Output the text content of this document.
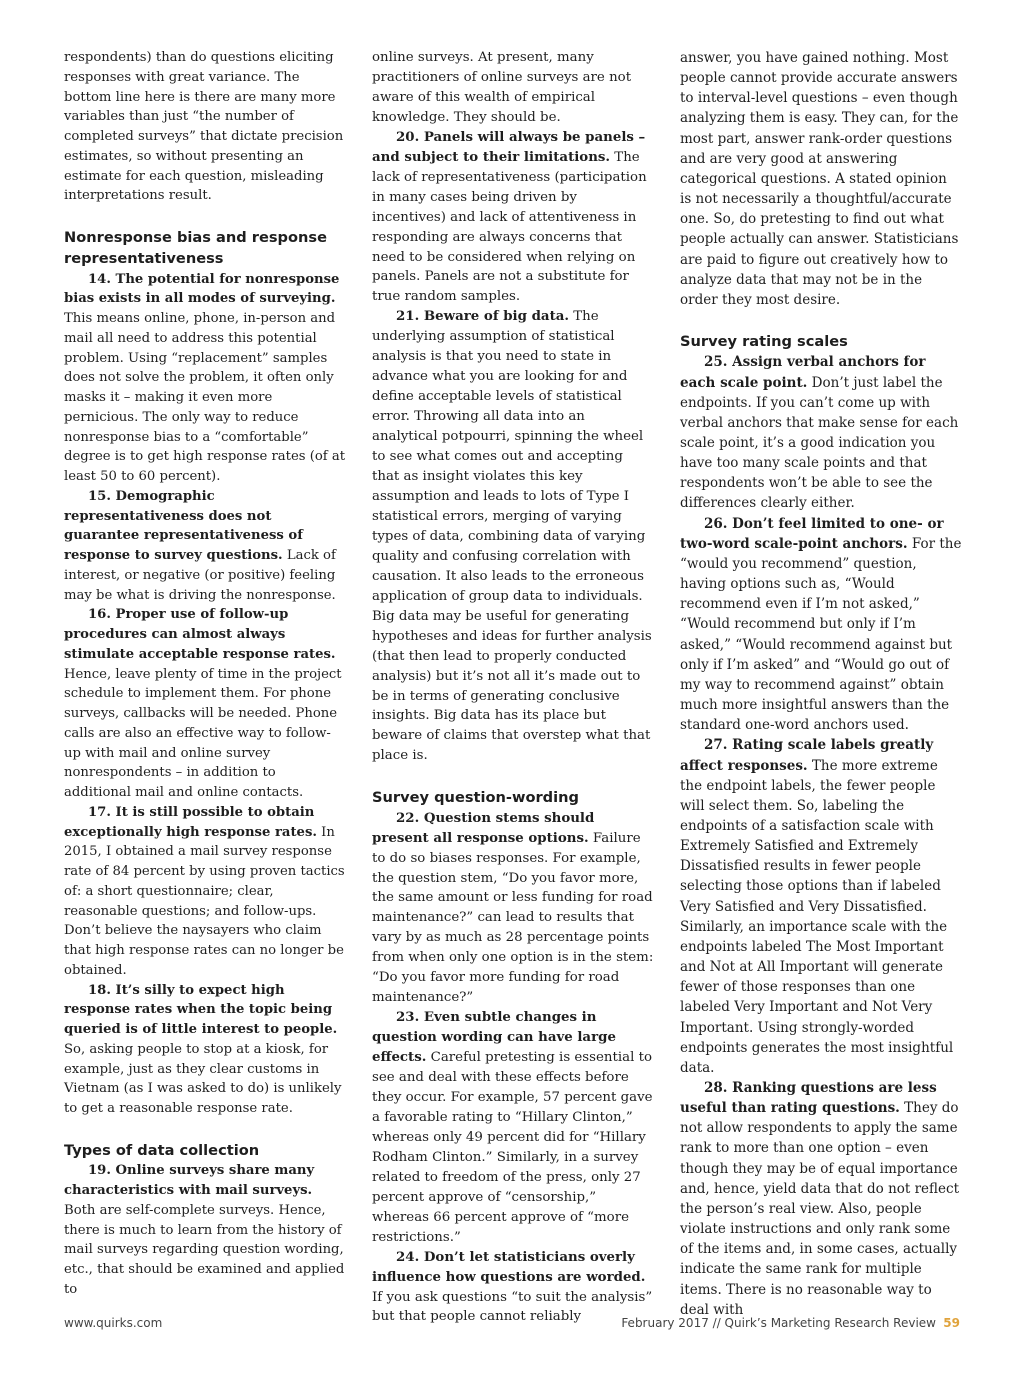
respondents) than do questions eliciting responses with great variance. The bottom line here is there are many more variables than just “the number of completed surveys” that dictate precision estimates, so without presenting an estimate for each question, misleading interpretations result.

Nonresponse bias and response representativeness

14. The potential for nonresponse bias exists in all modes of surveying. This means online, phone, in-person and mail all need to address this potential problem. Using “replacement” samples does not solve the problem, it often only masks it – making it even more pernicious. The only way to reduce nonresponse bias to a “comfortable” degree is to get high response rates (of at least 50 to 60 percent).

15. Demographic representativeness does not guarantee representativeness of response to survey questions. Lack of interest, or negative (or positive) feeling may be what is driving the nonresponse.

16. Proper use of follow-up procedures can almost always stimulate acceptable response rates. Hence, leave plenty of time in the project schedule to implement them. For phone surveys, callbacks will be needed. Phone calls are also an effective way to follow-up with mail and online survey nonrespondents – in addition to additional mail and online contacts.

17. It is still possible to obtain exceptionally high response rates. In 2015, I obtained a mail survey response rate of 84 percent by using proven tactics of: a short questionnaire; clear, reasonable questions; and follow-ups. Don’t believe the naysayers who claim that high response rates can no longer be obtained.

18. It’s silly to expect high response rates when the topic being queried is of little interest to people. So, asking people to stop at a kiosk, for example, just as they clear customs in Vietnam (as I was asked to do) is unlikely to get a reasonable response rate.

Types of data collection

19. Online surveys share many characteristics with mail surveys. Both are self-complete surveys. Hence, there is much to learn from the history of mail surveys regarding question wording, etc., that should be examined and applied to

online surveys. At present, many practitioners of online surveys are not aware of this wealth of empirical knowledge. They should be.

20. Panels will always be panels – and subject to their limitations. The lack of representativeness (participation in many cases being driven by incentives) and lack of attentiveness in responding are always concerns that need to be considered when relying on panels. Panels are not a substitute for true random samples.

21. Beware of big data. The underlying assumption of statistical analysis is that you need to state in advance what you are looking for and define acceptable levels of statistical error. Throwing all data into an analytical potpourri, spinning the wheel to see what comes out and accepting that as insight violates this key assumption and leads to lots of Type I statistical errors, merging of varying types of data, combining data of varying quality and confusing correlation with causation. It also leads to the erroneous application of group data to individuals. Big data may be useful for generating hypotheses and ideas for further analysis (that then lead to properly conducted analysis) but it’s not all it’s made out to be in terms of generating conclusive insights. Big data has its place but beware of claims that overstep what that place is.

Survey question-wording

22. Question stems should present all response options. Failure to do so biases responses. For example, the question stem, “Do you favor more, the same amount or less funding for road maintenance?” can lead to results that vary by as much as 28 percentage points from when only one option is in the stem: “Do you favor more funding for road maintenance?”

23. Even subtle changes in question wording can have large effects. Careful pretesting is essential to see and deal with these effects before they occur. For example, 57 percent gave a favorable rating to “Hillary Clinton,” whereas only 49 percent did for “Hillary Rodham Clinton.” Similarly, in a survey related to freedom of the press, only 27 percent approve of “censorship,” whereas 66 percent approve of “more restrictions.”

24. Don’t let statisticians overly influence how questions are worded. If you ask questions “to suit the analysis” but that people cannot reliably

answer, you have gained nothing. Most people cannot provide accurate answers to interval-level questions – even though analyzing them is easy. They can, for the most part, answer rank-order questions and are very good at answering categorical questions. A stated opinion is not necessarily a thoughtful/accurate one. So, do pretesting to find out what people actually can answer. Statisticians are paid to figure out creatively how to analyze data that may not be in the order they most desire.

Survey rating scales

25. Assign verbal anchors for each scale point. Don’t just label the endpoints. If you can’t come up with verbal anchors that make sense for each scale point, it’s a good indication you have too many scale points and that respondents won’t be able to see the differences clearly either.

26. Don’t feel limited to one- or two-word scale-point anchors. For the “would you recommend” question, having options such as, “Would recommend even if I’m not asked,” “Would recommend but only if I’m asked,” “Would recommend against but only if I’m asked” and “Would go out of my way to recommend against” obtain much more insightful answers than the standard one-word anchors used.

27. Rating scale labels greatly affect responses. The more extreme the endpoint labels, the fewer people will select them. So, labeling the endpoints of a satisfaction scale with Extremely Satisfied and Extremely Dissatisfied results in fewer people selecting those options than if labeled Very Satisfied and Very Dissatisfied. Similarly, an importance scale with the endpoints labeled The Most Important and Not at All Important will generate fewer of those responses than one labeled Very Important and Not Very Important. Using strongly-worded endpoints generates the most insightful data.

28. Ranking questions are less useful than rating questions. They do not allow respondents to apply the same rank to more than one option – even though they may be of equal importance and, hence, yield data that do not reflect the person’s real view. Also, people violate instructions and only rank some of the items and, in some cases, actually indicate the same rank for multiple items. There is no reasonable way to deal with

www.quirks.com	February 2017 // Quirk’s Marketing Research Review 59
